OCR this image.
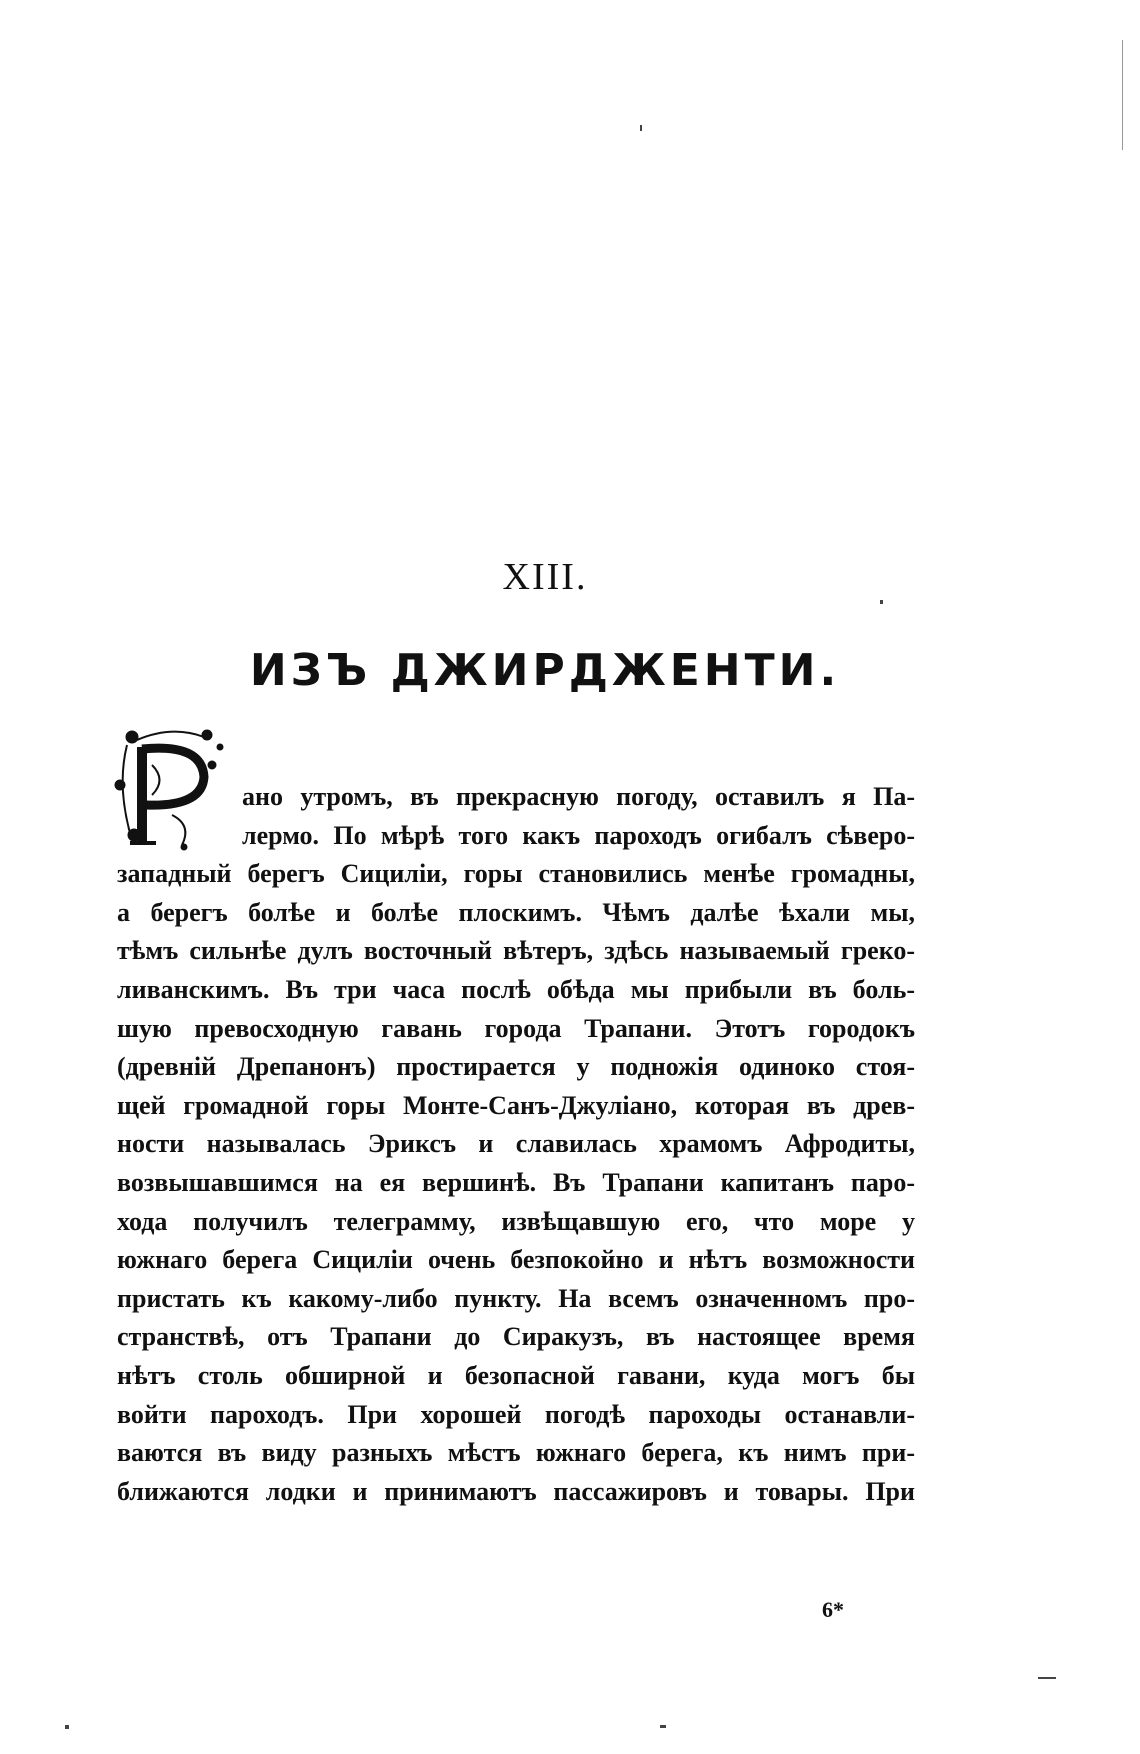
XIII.
ИЗЪ ДЖИРДЖЕНТИ.
ано утромъ, въ прекрасную погоду, оставилъ я Па-
лермо. По мѣрѣ того какъ пароходъ огибалъ сѣверо-
западный берегъ Сициліи, горы становились менѣе громадны,
а берегъ болѣе и болѣе плоскимъ. Чѣмъ далѣе ѣхали мы,
тѣмъ сильнѣе дулъ восточный вѣтеръ, здѣсь называемый греко-
ливанскимъ. Въ три часа послѣ обѣда мы прибыли въ боль-
шую превосходную гавань города Трапани. Этотъ городокъ
(древній Дрепанонъ) простирается у подножія одиноко стоя-
щей громадной горы Монте-Санъ-Джуліано, которая въ древ-
ности называлась Эриксъ и славилась храмомъ Афродиты,
возвышавшимся на ея вершинѣ. Въ Трапани капитанъ паро-
хода получилъ телеграмму, извѣщавшую его, что море у
южнаго берега Сициліи очень безпокойно и нѣтъ возможности
пристать къ какому-либо пункту. На всемъ означенномъ про-
странствѣ, отъ Трапани до Сиракузъ, въ настоящее время
нѣтъ столь обширной и безопасной гавани, куда могъ бы
войти пароходъ. При хорошей погодѣ пароходы останавли-
ваются въ виду разныхъ мѣстъ южнаго берега, къ нимъ при-
ближаются лодки и принимаютъ пассажировъ и товары. При
6*
